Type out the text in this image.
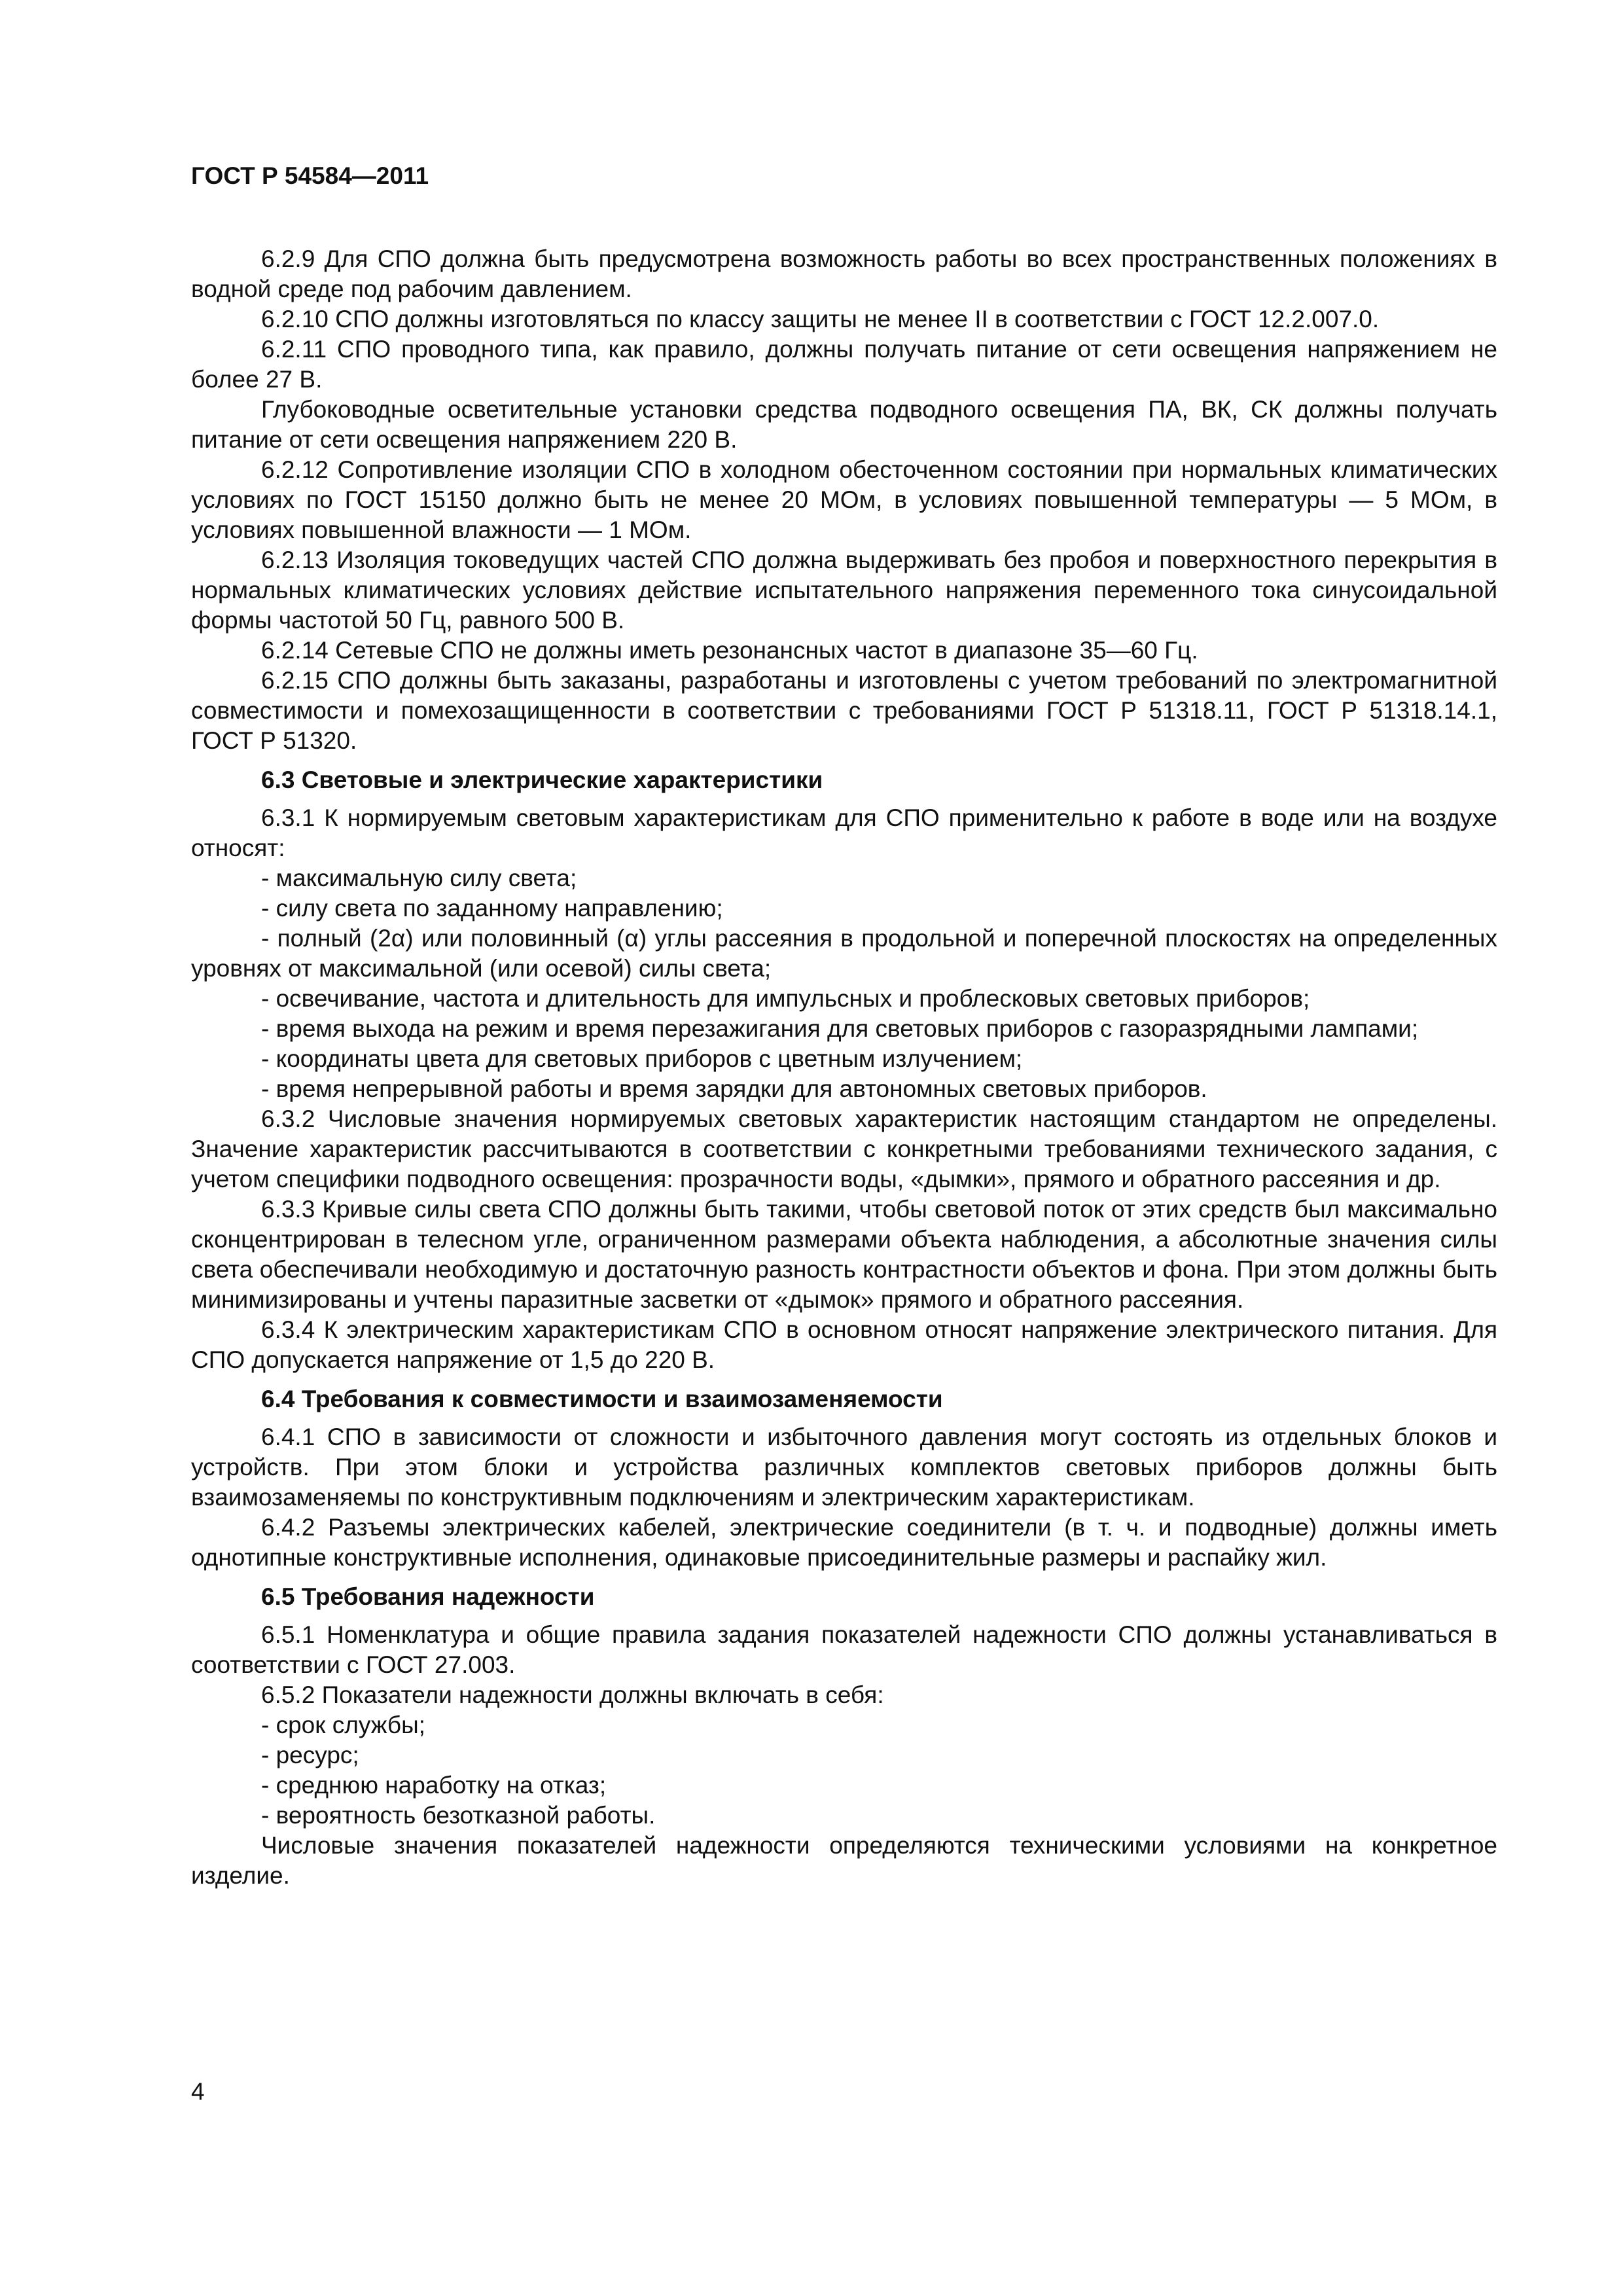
ГОСТ Р 54584—2011
6.2.9 Для СПО должна быть предусмотрена возможность работы во всех пространственных положениях в водной среде под рабочим давлением.
6.2.10 СПО должны изготовляться по классу защиты не менее II в соответствии с ГОСТ 12.2.007.0.
6.2.11 СПО проводного типа, как правило, должны получать питание от сети освещения напряжением не более 27 В.
Глубоководные осветительные установки средства подводного освещения ПА, ВК, СК должны получать питание от сети освещения напряжением 220 В.
6.2.12 Сопротивление изоляции СПО в холодном обесточенном состоянии при нормальных климатических условиях по ГОСТ 15150 должно быть не менее 20 МОм, в условиях повышенной температуры — 5 МОм, в условиях повышенной влажности — 1 МОм.
6.2.13 Изоляция токоведущих частей СПО должна выдерживать без пробоя и поверхностного перекрытия в нормальных климатических условиях действие испытательного напряжения переменного тока синусоидальной формы частотой 50 Гц, равного 500 В.
6.2.14 Сетевые СПО не должны иметь резонансных частот в диапазоне 35—60 Гц.
6.2.15 СПО должны быть заказаны, разработаны и изготовлены с учетом требований по электромагнитной совместимости и помехозащищенности в соответствии с требованиями ГОСТ Р 51318.11, ГОСТ Р 51318.14.1, ГОСТ Р 51320.
6.3 Световые и электрические характеристики
6.3.1 К нормируемым световым характеристикам для СПО применительно к работе в воде или на воздухе относят:
- максимальную силу света;
- силу света по заданному направлению;
- полный (2α) или половинный (α) углы рассеяния в продольной и поперечной плоскостях на определенных уровнях от максимальной (или осевой) силы света;
- освечивание, частота и длительность для импульсных и проблесковых световых приборов;
- время выхода на режим и время перезажигания для световых приборов с газоразрядными лампами;
- координаты цвета для световых приборов с цветным излучением;
- время непрерывной работы и время зарядки для автономных световых приборов.
6.3.2 Числовые значения нормируемых световых характеристик настоящим стандартом не определены. Значение характеристик рассчитываются в соответствии с конкретными требованиями технического задания, с учетом специфики подводного освещения: прозрачности воды, «дымки», прямого и обратного рассеяния и др.
6.3.3 Кривые силы света СПО должны быть такими, чтобы световой поток от этих средств был максимально сконцентрирован в телесном угле, ограниченном размерами объекта наблюдения, а абсолютные значения силы света обеспечивали необходимую и достаточную разность контрастности объектов и фона. При этом должны быть минимизированы и учтены паразитные засветки от «дымок» прямого и обратного рассеяния.
6.3.4 К электрическим характеристикам СПО в основном относят напряжение электрического питания. Для СПО допускается напряжение от 1,5 до 220 В.
6.4 Требования к совместимости и взаимозаменяемости
6.4.1 СПО в зависимости от сложности и избыточного давления могут состоять из отдельных блоков и устройств. При этом блоки и устройства различных комплектов световых приборов должны быть взаимозаменяемы по конструктивным подключениям и электрическим характеристикам.
6.4.2 Разъемы электрических кабелей, электрические соединители (в т. ч. и подводные) должны иметь однотипные конструктивные исполнения, одинаковые присоединительные размеры и распайку жил.
6.5 Требования надежности
6.5.1 Номенклатура и общие правила задания показателей надежности СПО должны устанавливаться в соответствии с ГОСТ 27.003.
6.5.2 Показатели надежности должны включать в себя:
- срок службы;
- ресурс;
- среднюю наработку на отказ;
- вероятность безотказной работы.
Числовые значения показателей надежности определяются техническими условиями на конкретное изделие.
4
